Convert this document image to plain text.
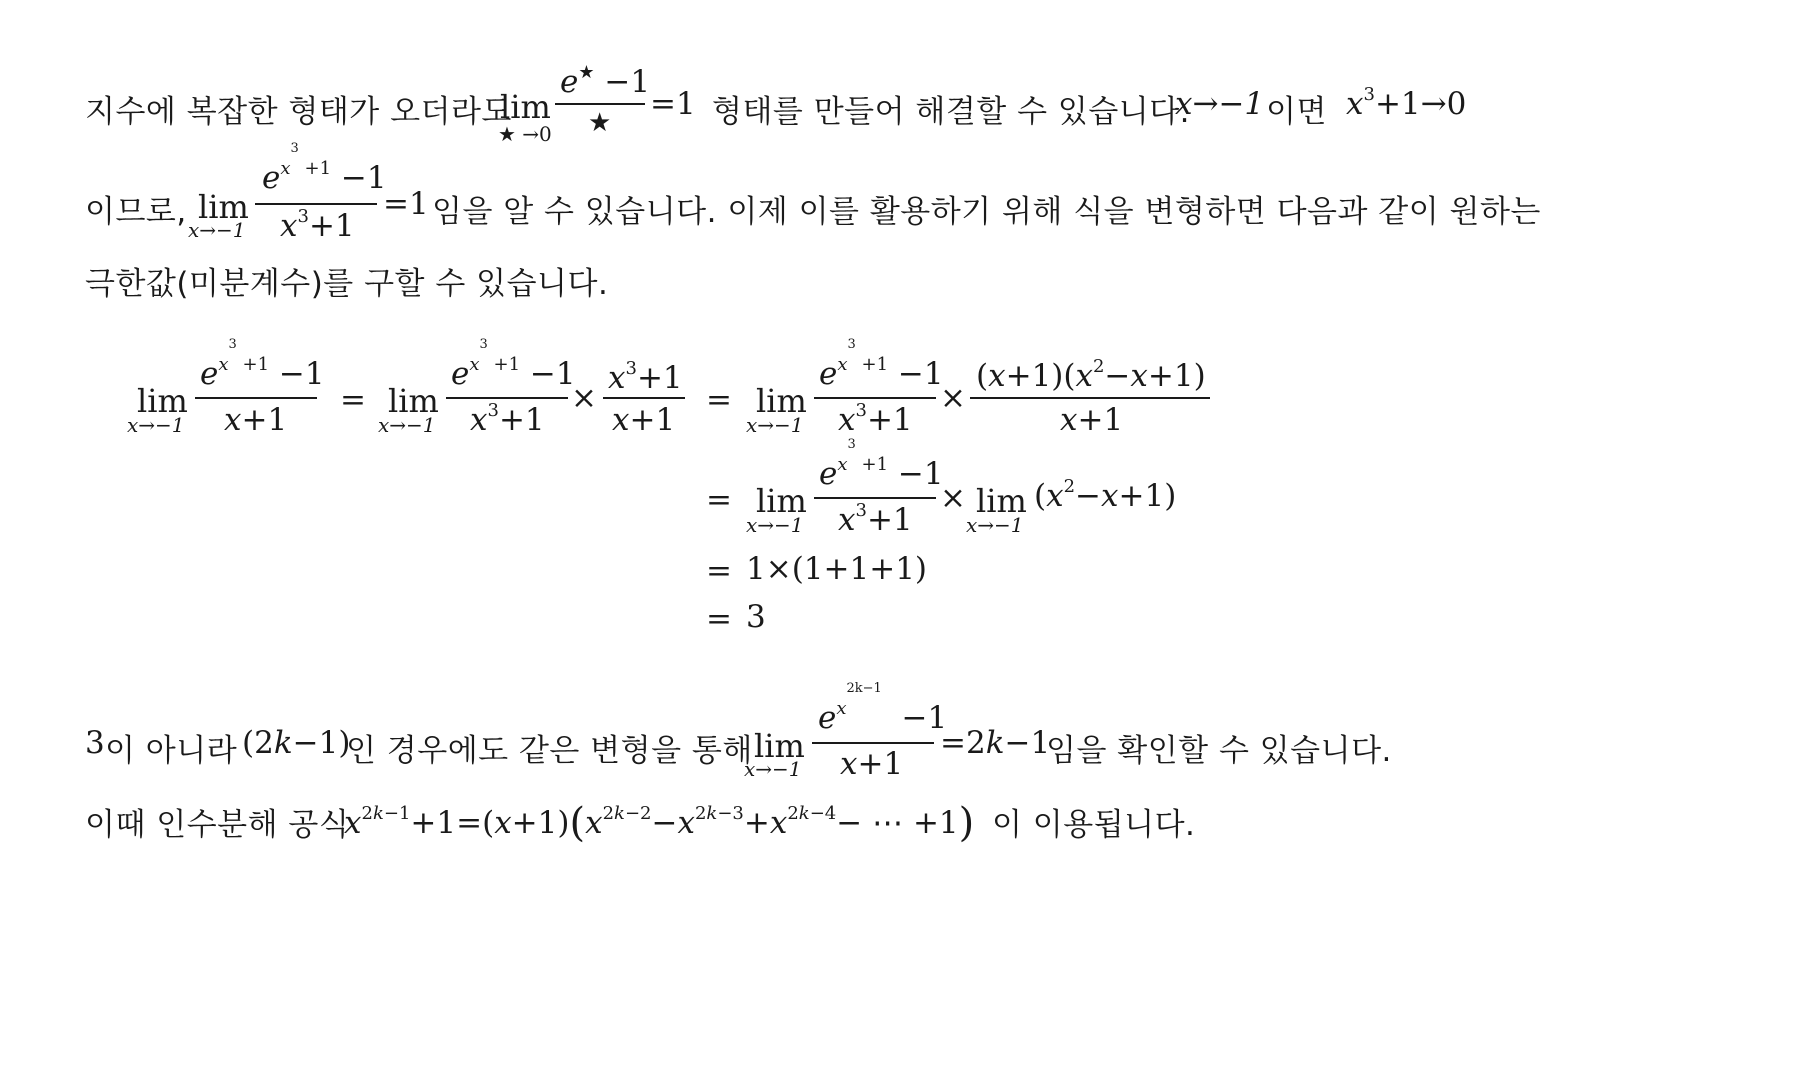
지수에 복잡한 형태가 오더라도
lim
★ →0
e★ −1
★
=1 형태를 만들어 해결할 수 있습니다.
x→−1 이면 $x^3+1\to 0$
이므로, lim
x→−1
$e^{x^3 +1} -1$
$x^3+1$
=1 임을 알 수 있습니다. 이제 이를 활용하기 위해 식을 변형하면 다음과 같이 원하는
극한값(미분계수)를 구할 수 있습니다.
lim
x→−1
$e^{x^3 +1} -1$
x+1
= lim
x→−1
$e^{x^3 +1} -1$
$x^3+1$
×
$x^3+1$
x+1
= lim
x→−1
$e^{x^3 +1} -1$
$x^3+1$
×
$(x+1)(x^2-x+1)$
x+1
= lim
x→−1
$e^{x^3 +1} -1$
$x^3+1$
× lim
x→−1
$(x^2-x+1)$
= 1×(1+1+1)
= 3
3 이 아니라 (2k−1)
인 경우에도 같은 변형을 통해 lim
x→−1
$e^{x^{2k-1}} -1$
x+1
=2k−1
임을 확인할 수 있습니다.
이때 인수분해 공식
$x^{2k-1}+1=(x+1)(x^{2k-2}-x^{2k-3}+x^{2k-4}-$ ⋯ +1) 이 이용됩니다.
